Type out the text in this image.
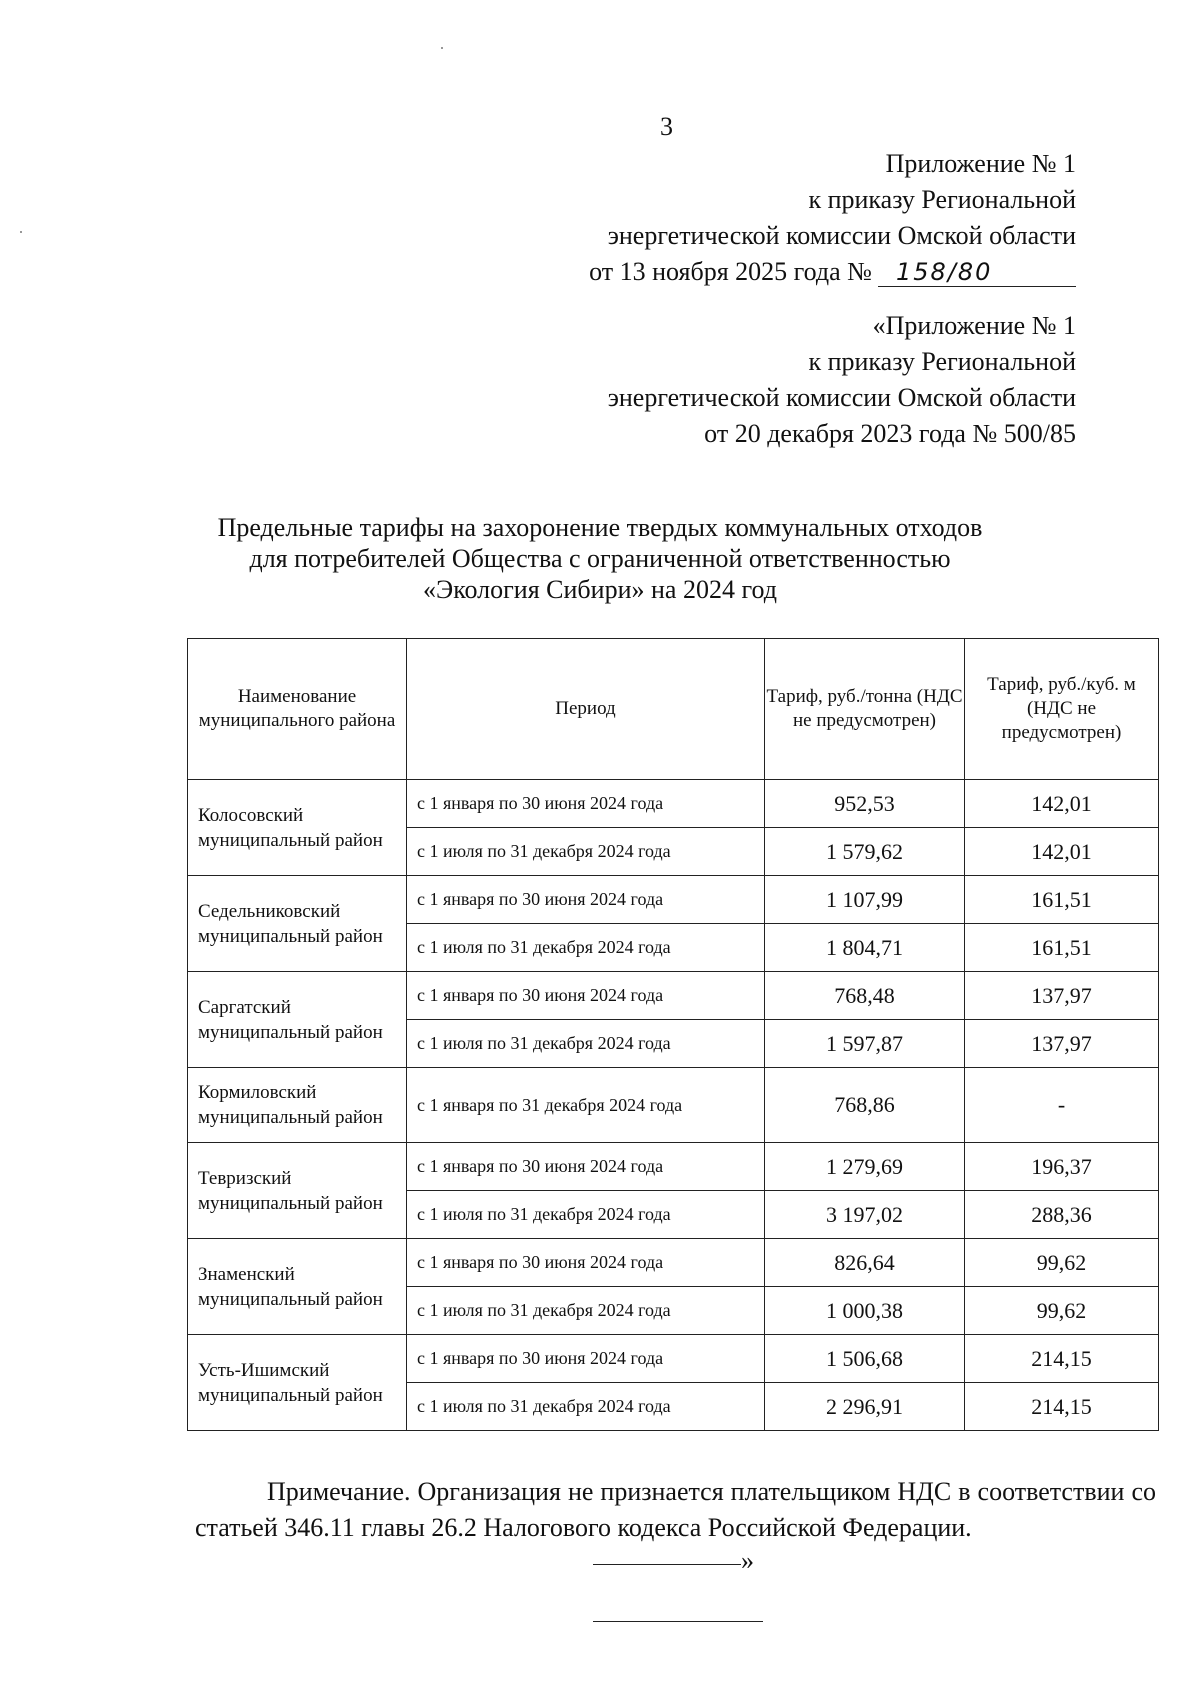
3
Приложение № 1
к приказу Региональной
энергетической комиссии Омской области
от 13 ноября 2025 года № 158/80
«Приложение № 1
к приказу Региональной
энергетической комиссии Омской области
от 20 декабря 2023 года № 500/85
Предельные тарифы на захоронение твердых коммунальных отходов
для потребителей Общества с ограниченной ответственностью
«Экология Сибири» на 2024 год
Наименование муниципального района	Период	Тариф, руб./тонна (НДС не предусмотрен)	Тариф, руб./куб. м (НДС не предусмотрен)
Колосовский муниципальный район	с 1 января по 30 июня 2024 года	952,53	142,01
	с 1 июля по 31 декабря 2024 года	1 579,62	142,01
Седельниковский муниципальный район	с 1 января по 30 июня 2024 года	1 107,99	161,51
	с 1 июля по 31 декабря 2024 года	1 804,71	161,51
Саргатский муниципальный район	с 1 января по 30 июня 2024 года	768,48	137,97
	с 1 июля по 31 декабря 2024 года	1 597,87	137,97
Кормиловский муниципальный район	с 1 января по 31 декабря 2024 года	768,86	-
Тевризский муниципальный район	с 1 января по 30 июня 2024 года	1 279,69	196,37
	с 1 июля по 31 декабря 2024 года	3 197,02	288,36
Знаменский муниципальный район	с 1 января по 30 июня 2024 года	826,64	99,62
	с 1 июля по 31 декабря 2024 года	1 000,38	99,62
Усть-Ишимский муниципальный район	с 1 января по 30 июня 2024 года	1 506,68	214,15
	с 1 июля по 31 декабря 2024 года	2 296,91	214,15
Примечание. Организация не признается плательщиком НДС в соответствии со статьей 346.11 главы 26.2 Налогового кодекса Российской Федерации.
»
